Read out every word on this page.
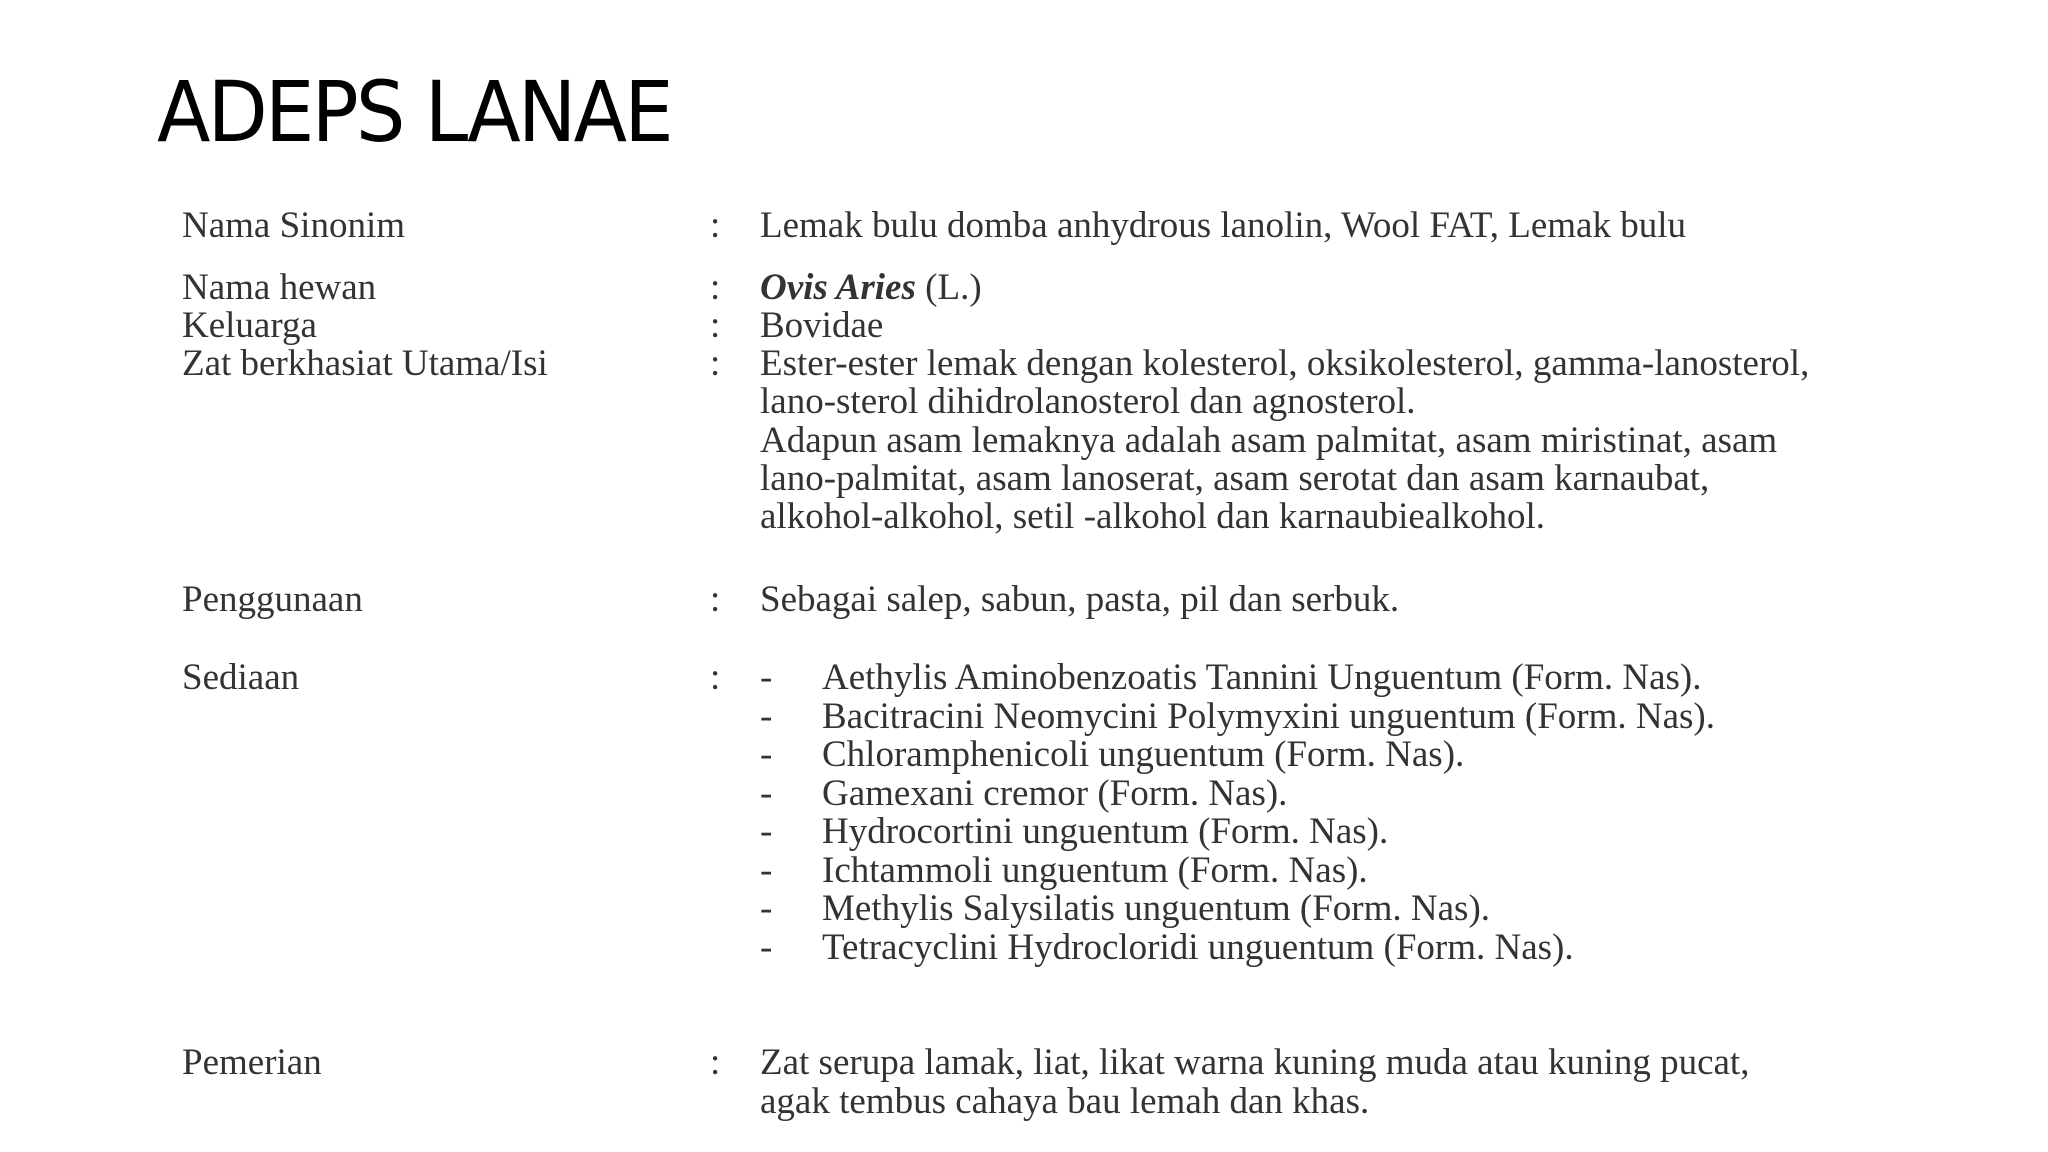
ADEPS LANAE
Nama Sinonim	: Lemak bulu domba anhydrous lanolin, Wool FAT, Lemak bulu
Nama hewan	: Ovis Aries (L.)
Keluarga	: Bovidae
Zat berkhasiat Utama/Isi	: Ester-ester lemak dengan kolesterol, oksikolesterol, gamma-lanosterol,
lano-sterol dihidrolanosterol dan agnosterol.
Adapun asam lemaknya adalah asam palmitat, asam miristinat, asam
lano-palmitat, asam lanoserat, asam serotat dan asam karnaubat,
alkohol-alkohol, setil -alkohol dan karnaubiealkohol.
Penggunaan	: Sebagai salep, sabun, pasta, pil dan serbuk.
Sediaan	: - Aethylis Aminobenzoatis Tannini Unguentum (Form. Nas).
- Bacitracini Neomycini Polymyxini unguentum (Form. Nas).
- Chloramphenicoli unguentum (Form. Nas).
- Gamexani cremor (Form. Nas).
- Hydrocortini unguentum (Form. Nas).
- Ichtammoli unguentum (Form. Nas).
- Methylis Salysilatis unguentum (Form. Nas).
- Tetracyclini Hydrocloridi unguentum (Form. Nas).
Pemerian	: Zat serupa lamak, liat, likat warna kuning muda atau kuning pucat,
agak tembus cahaya bau lemah dan khas.
